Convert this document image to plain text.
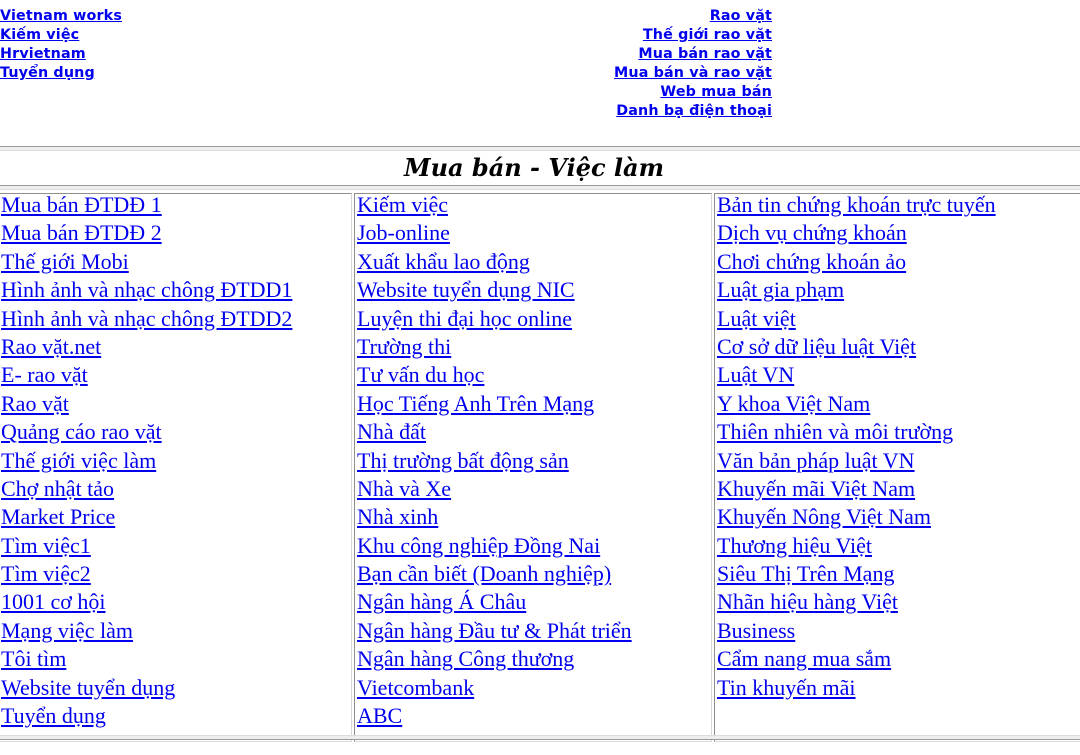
Vietnam works
Kiếm việc
Hrvietnam
Tuyển dụng
Rao vặt
Thế giới rao vặt
Mua bán rao vặt
Mua bán và rao vặt
Web mua bán
Danh bạ điện thoại
Mua bán - Việc làm
Mua bán ĐTDĐ 1
Mua bán ĐTDĐ 2
Thế giới Mobi
Hình ảnh và nhạc chông ĐTDD1
Hình ảnh và nhạc chông ĐTDD2
Rao vặt.net
E- rao vặt
Rao vặt
Quảng cáo rao vặt
Thế giới việc làm
Chợ nhật tảo
Market Price
Tìm việc1
Tìm việc2
1001 cơ hội
Mạng việc làm
Tôi tìm
Website tuyển dụng
Tuyển dụng
Kiếm việc
Job-online
Xuất khẩu lao động
Website tuyển dụng NIC
Luyện thi đại học online
Trường thi
Tư vấn du học
Học Tiếng Anh Trên Mạng
Nhà đất
Thị trường bất động sản
Nhà và Xe
Nhà xinh
Khu công nghiệp Đồng Nai
Bạn cần biết (Doanh nghiệp)
Ngân hàng Á Châu
Ngân hàng Đầu tư & Phát triển
Ngân hàng Công thương
Vietcombank
ABC
Bản tin chứng khoán trực tuyến
Dịch vụ chứng khoán
Chơi chứng khoán ảo
Luật gia phạm
Luật việt
Cơ sở dữ liệu luật Việt
Luật VN
Y khoa Việt Nam
Thiên nhiên và môi trường
Văn bản pháp luật VN
Khuyến mãi Việt Nam
Khuyến Nông Việt Nam
Thương hiệu Việt
Siêu Thị Trên Mạng
Nhãn hiệu hàng Việt
Business
Cẩm nang mua sắm
Tin khuyến mãi
